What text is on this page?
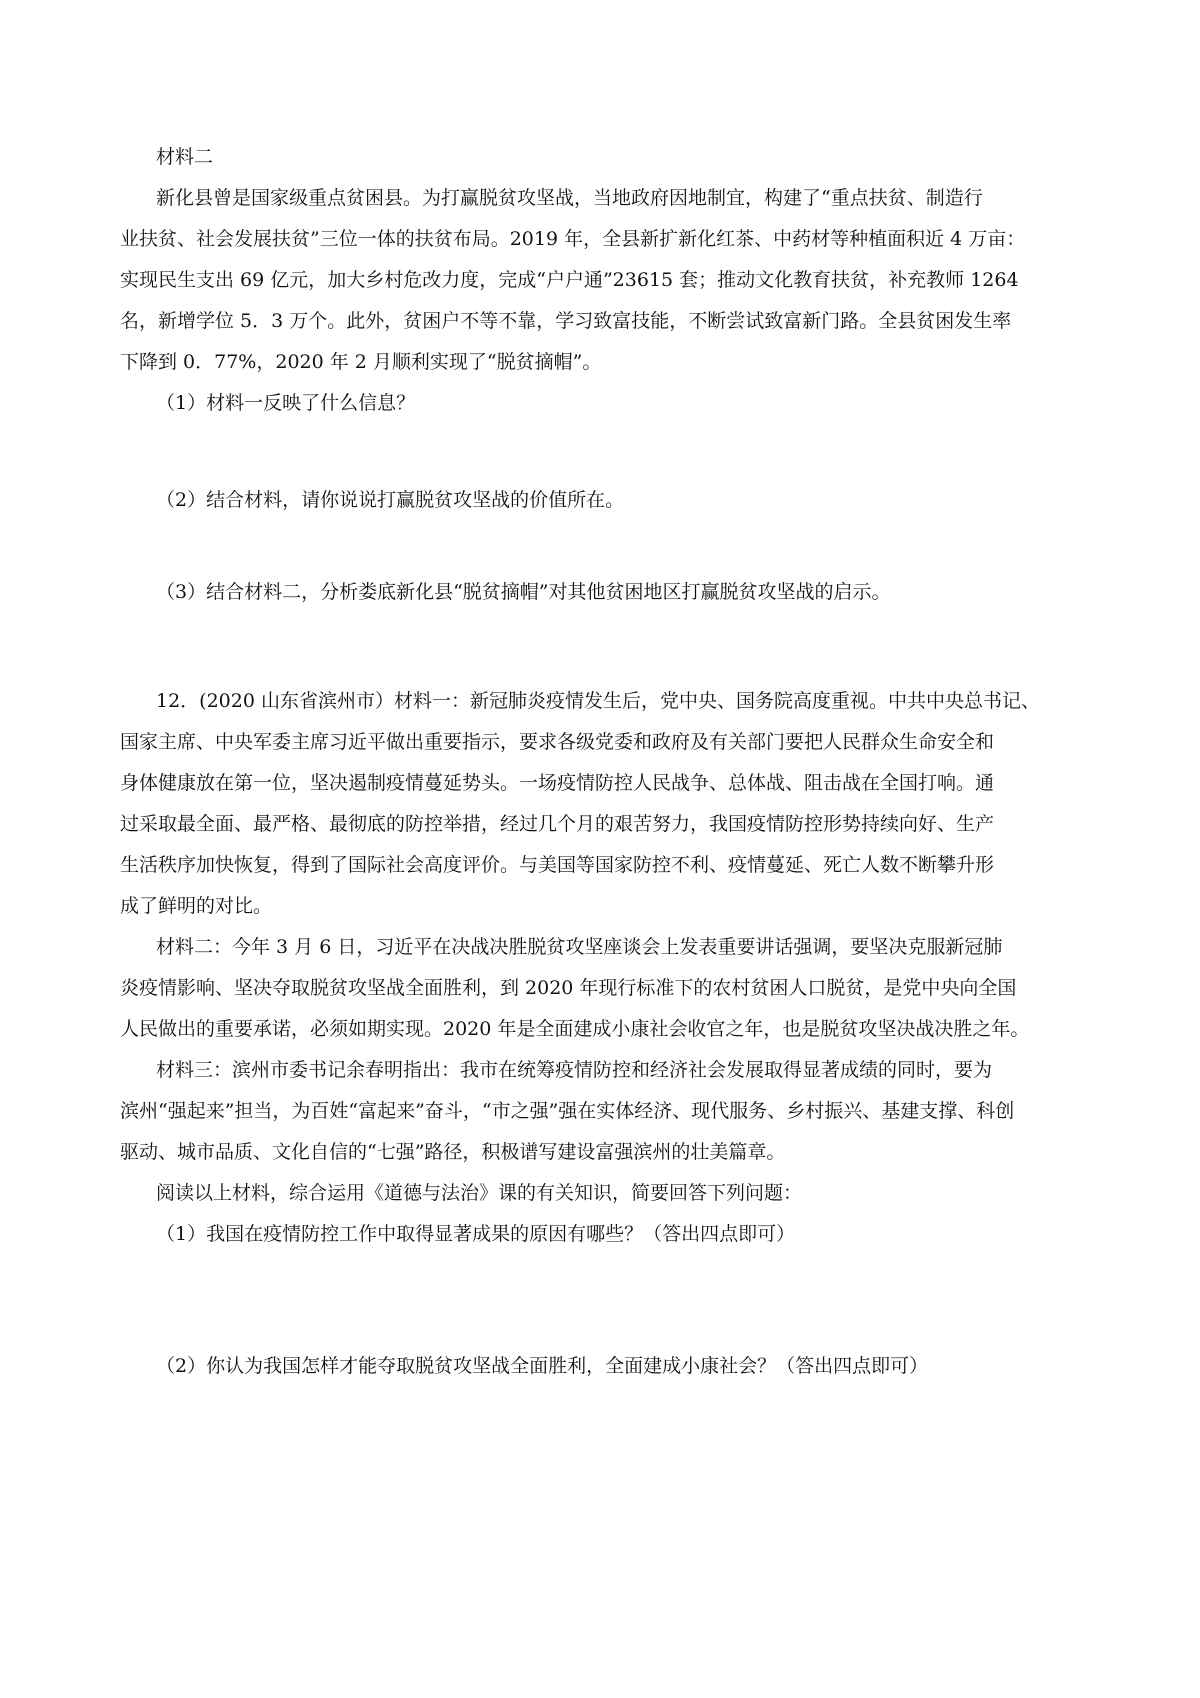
材料二
新化县曾是国家级重点贫困县。为打赢脱贫攻坚战，当地政府因地制宜，构建了“重点扶贫、制造行
业扶贫、社会发展扶贫”三位一体的扶贫布局。2019 年，全县新扩新化红茶、中药材等种植面积近 4 万亩：
实现民生支出 69 亿元，加大乡村危改力度，完成“户户通”23615 套；推动文化教育扶贫，补充教师 1264
名，新增学位 5．3 万个。此外，贫困户不等不靠，学习致富技能，不断尝试致富新门路。全县贫困发生率
下降到 0．77%，2020 年 2 月顺利实现了“脱贫摘帽”。
（1）材料一反映了什么信息？
（2）结合材料，请你说说打赢脱贫攻坚战的价值所在。
（3）结合材料二，分析娄底新化县“脱贫摘帽”对其他贫困地区打赢脱贫攻坚战的启示。
12．(2020 山东省滨州市）材料一：新冠肺炎疫情发生后，党中央、国务院高度重视。中共中央总书记、
国家主席、中央军委主席习近平做出重要指示，要求各级党委和政府及有关部门要把人民群众生命安全和
身体健康放在第一位，坚决遏制疫情蔓延势头。一场疫情防控人民战争、总体战、阻击战在全国打响。通
过采取最全面、最严格、最彻底的防控举措，经过几个月的艰苦努力，我国疫情防控形势持续向好、生产
生活秩序加快恢复，得到了国际社会高度评价。与美国等国家防控不利、疫情蔓延、死亡人数不断攀升形
成了鲜明的对比。
材料二：今年 3 月 6 日，习近平在决战决胜脱贫攻坚座谈会上发表重要讲话强调，要坚决克服新冠肺
炎疫情影响、坚决夺取脱贫攻坚战全面胜利，到 2020 年现行标准下的农村贫困人口脱贫，是党中央向全国
人民做出的重要承诺，必须如期实现。2020 年是全面建成小康社会收官之年，也是脱贫攻坚决战决胜之年。
材料三：滨州市委书记余春明指出：我市在统筹疫情防控和经济社会发展取得显著成绩的同时，要为
滨州“强起来”担当，为百姓“富起来”奋斗，“市之强”强在实体经济、现代服务、乡村振兴、基建支撑、科创
驱动、城市品质、文化自信的“七强”路径，积极谱写建设富强滨州的壮美篇章。
阅读以上材料，综合运用《道德与法治》课的有关知识，简要回答下列问题：
（1）我国在疫情防控工作中取得显著成果的原因有哪些？（答出四点即可）
（2）你认为我国怎样才能夺取脱贫攻坚战全面胜利，全面建成小康社会？（答出四点即可）
